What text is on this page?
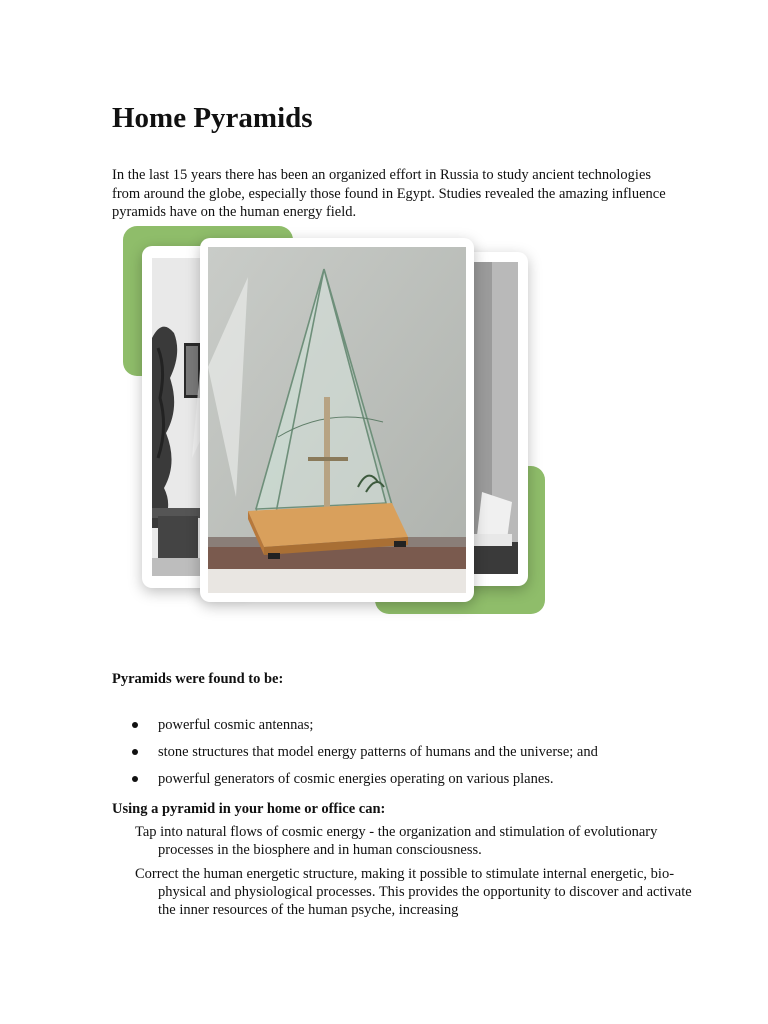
Home Pyramids

In the last 15 years there has been an organized effort in Russia to study ancient technologies from around the globe, especially those found in Egypt. Studies revealed the amazing influence pyramids have on the human energy field.

Pyramids were found to be:

powerful cosmic antennas;
stone structures that model energy patterns of humans and the universe; and
powerful generators of cosmic energies operating on various planes.

Using a pyramid in your home or office can:

Tap into natural flows of cosmic energy - the organization and stimulation of evolutionary processes in the biosphere and in human consciousness.

Correct the human energetic structure, making it possible to stimulate internal energetic, bio-physical and physiological processes. This provides the opportunity to discover and activate the inner resources of the human psyche, increasing
